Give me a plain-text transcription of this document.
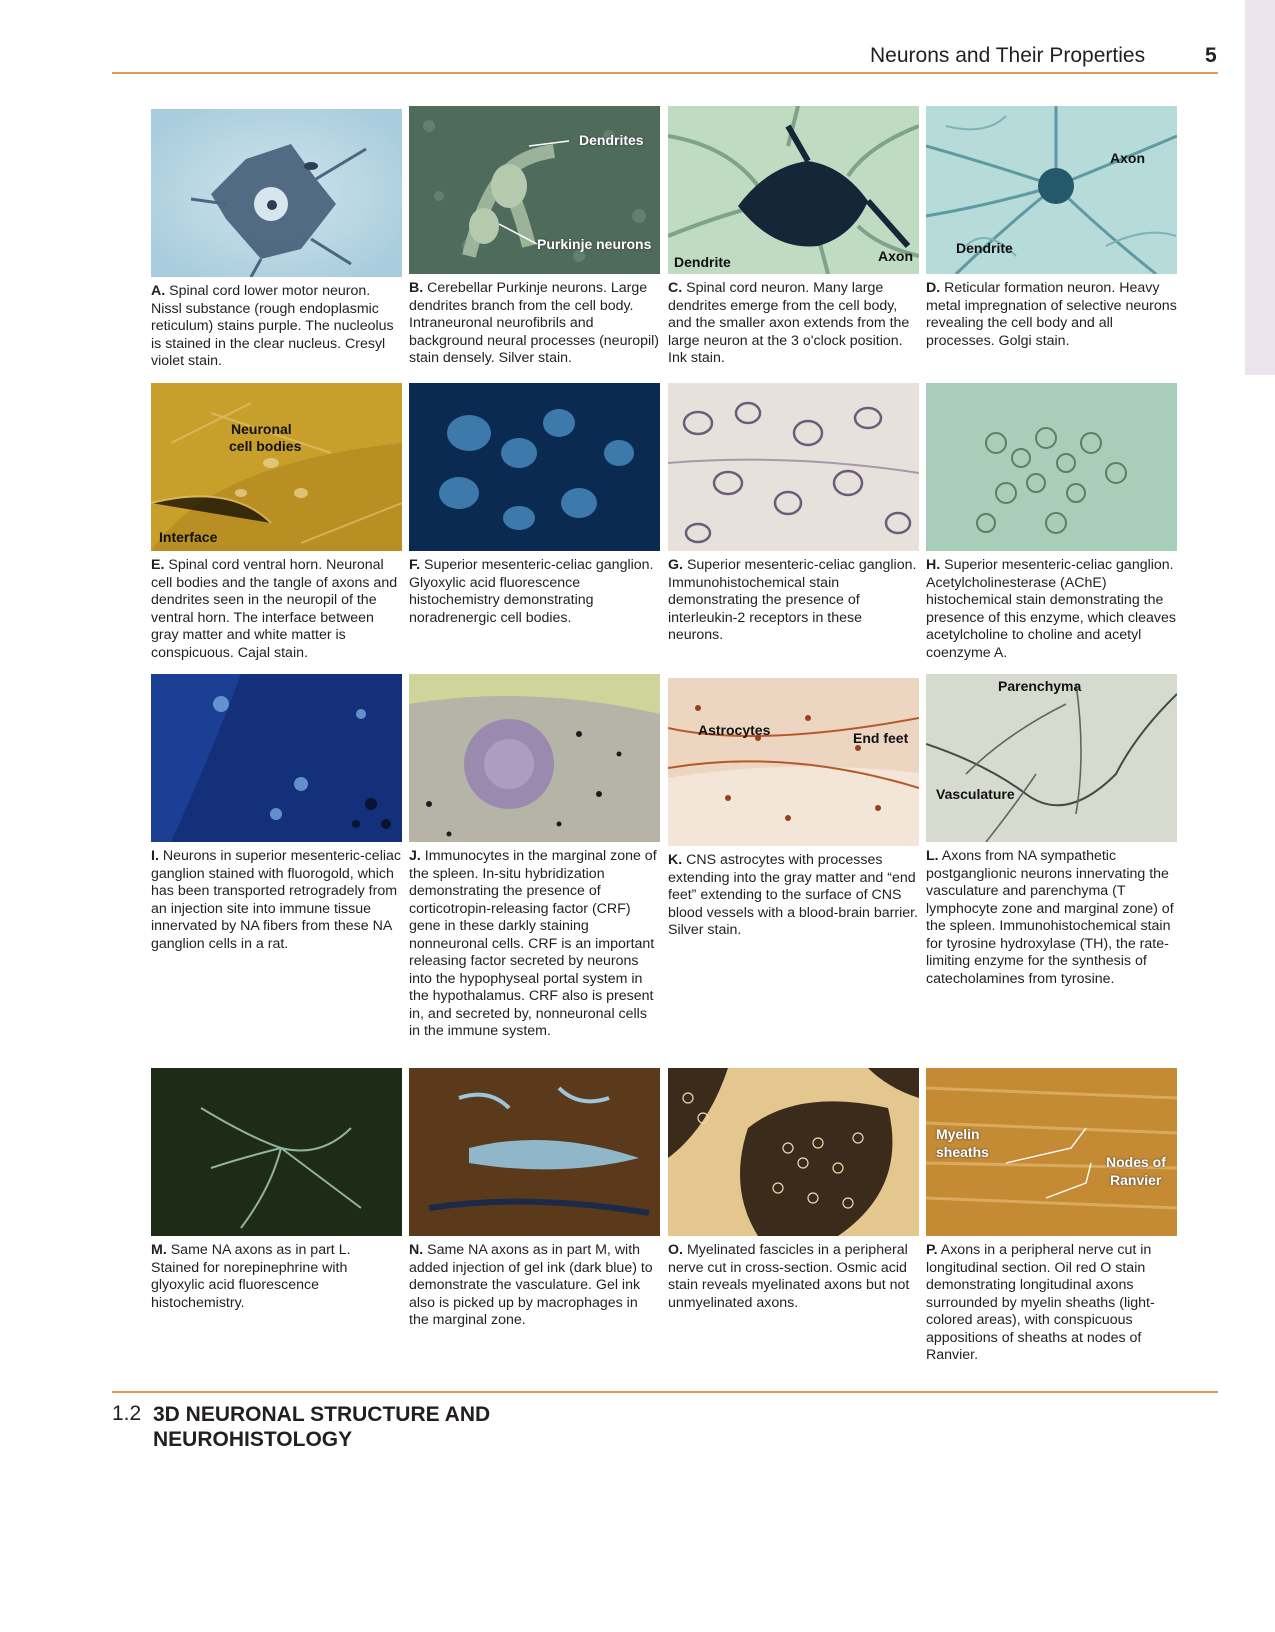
Neurons and Their Properties	5
A. Spinal cord lower motor neuron. Nissl substance (rough endoplasmic reticulum) stains purple. The nucleolus is stained in the clear nucleus. Cresyl violet stain.
Dendrites
Purkinje neurons
B. Cerebellar Purkinje neurons. Large dendrites branch from the cell body. Intraneuronal neurofibrils and background neural processes (neuropil) stain densely. Silver stain.
Dendrite	Axon
C. Spinal cord neuron. Many large dendrites emerge from the cell body, and the smaller axon extends from the large neuron at the 3 o'clock position. Ink stain.
Axon
Dendrite
D. Reticular formation neuron. Heavy metal impregnation of selective neurons revealing the cell body and all processes. Golgi stain.
Neuronal
cell bodies
Interface
E. Spinal cord ventral horn. Neuronal cell bodies and the tangle of axons and dendrites seen in the neuropil of the ventral horn. The interface between gray matter and white matter is conspicuous. Cajal stain.
F. Superior mesenteric-celiac ganglion. Glyoxylic acid fluorescence histochemistry demonstrating noradrenergic cell bodies.
G. Superior mesenteric-celiac ganglion. Immunohistochemical stain demonstrating the presence of interleukin-2 receptors in these neurons.
H. Superior mesenteric-celiac ganglion. Acetylcholinesterase (AChE) histochemical stain demonstrating the presence of this enzyme, which cleaves acetylcholine to choline and acetyl coenzyme A.
I. Neurons in superior mesenteric-celiac ganglion stained with fluorogold, which has been transported retrogradely from an injection site into immune tissue innervated by NA fibers from these NA ganglion cells in a rat.
J. Immunocytes in the marginal zone of the spleen. In-situ hybridization demonstrating the presence of corticotropin-releasing factor (CRF) gene in these darkly staining nonneuronal cells. CRF is an important releasing factor secreted by neurons into the hypophyseal portal system in the hypothalamus. CRF also is present in, and secreted by, nonneuronal cells in the immune system.
Astrocytes	End feet
K. CNS astrocytes with processes extending into the gray matter and “end feet” extending to the surface of CNS blood vessels with a blood-brain barrier. Silver stain.
Parenchyma
Vasculature
L. Axons from NA sympathetic postganglionic neurons innervating the vasculature and parenchyma (T lymphocyte zone and marginal zone) of the spleen. Immunohistochemical stain for tyrosine hydroxylase (TH), the rate-limiting enzyme for the synthesis of catecholamines from tyrosine.
M. Same NA axons as in part L. Stained for norepinephrine with glyoxylic acid fluorescence histochemistry.
N. Same NA axons as in part M, with added injection of gel ink (dark blue) to demonstrate the vasculature. Gel ink also is picked up by macrophages in the marginal zone.
O. Myelinated fascicles in a peripheral nerve cut in cross-section. Osmic acid stain reveals myelinated axons but not unmyelinated axons.
Myelin
sheaths
Nodes of
Ranvier
P. Axons in a peripheral nerve cut in longitudinal section. Oil red O stain demonstrating longitudinal axons surrounded by myelin sheaths (light-colored areas), with conspicuous appositions of sheaths at nodes of Ranvier.
1.2 3D NEURONAL STRUCTURE AND NEUROHISTOLOGY
